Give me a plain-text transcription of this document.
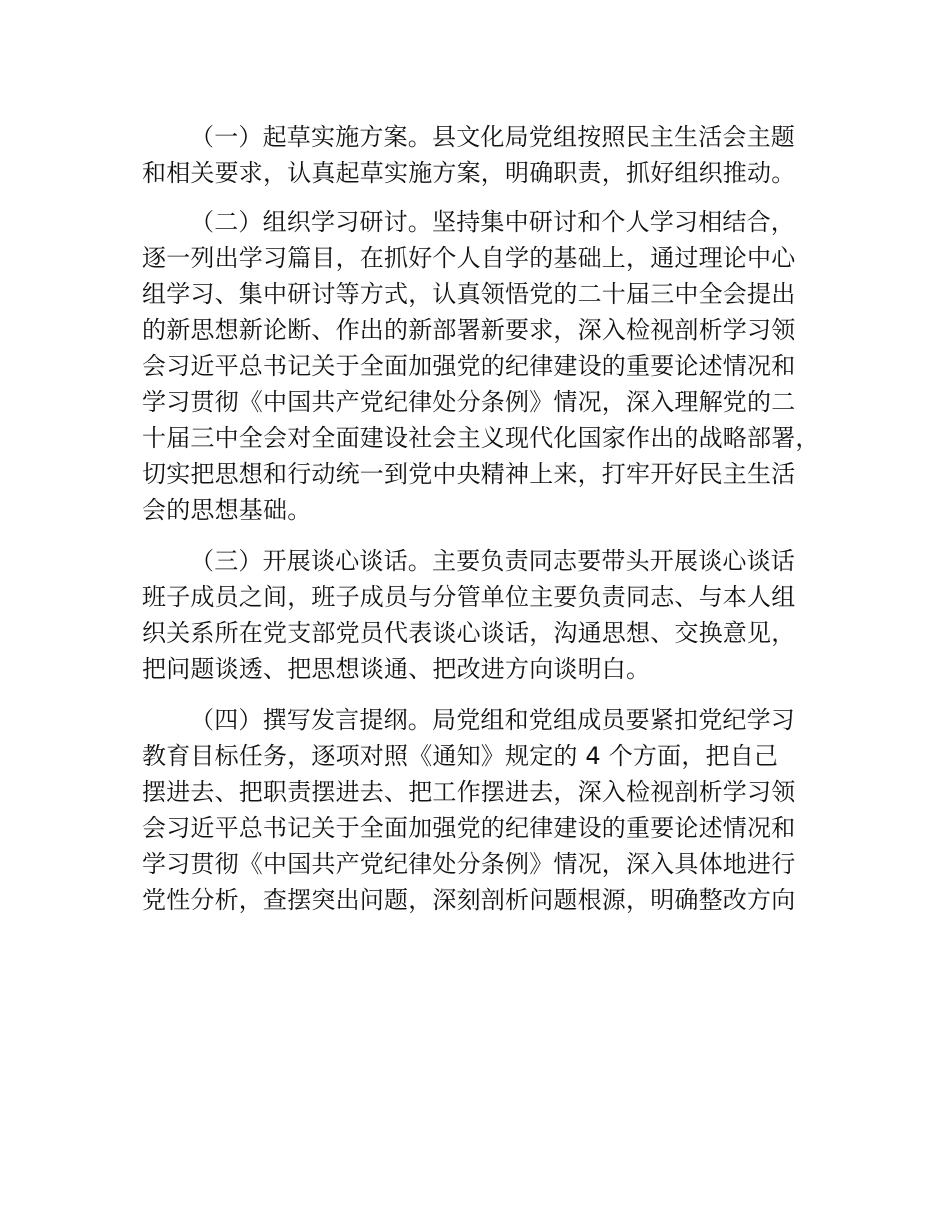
（一）起草实施方案。县文化局党组按照民主生活会主题
和相关要求，认真起草实施方案，明确职责，抓好组织推动。
（二）组织学习研讨。坚持集中研讨和个人学习相结合，
逐一列出学习篇目，在抓好个人自学的基础上，通过理论中心
组学习、集中研讨等方式，认真领悟党的二十届三中全会提出
的新思想新论断、作出的新部署新要求，深入检视剖析学习领
会习近平总书记关于全面加强党的纪律建设的重要论述情况和
学习贯彻《中国共产党纪律处分条例》情况，深入理解党的二
十届三中全会对全面建设社会主义现代化国家作出的战略部署，
切实把思想和行动统一到党中央精神上来，打牢开好民主生活
会的思想基础。
（三）开展谈心谈话。主要负责同志要带头开展谈心谈话
班子成员之间，班子成员与分管单位主要负责同志、与本人组
织关系所在党支部党员代表谈心谈话，沟通思想、交换意见，
把问题谈透、把思想谈通、把改进方向谈明白。
（四）撰写发言提纲。局党组和党组成员要紧扣党纪学习
教育目标任务，逐项对照《通知》规定的 4 个方面，把自己
摆进去、把职责摆进去、把工作摆进去，深入检视剖析学习领
会习近平总书记关于全面加强党的纪律建设的重要论述情况和
学习贯彻《中国共产党纪律处分条例》情况，深入具体地进行
党性分析，查摆突出问题，深刻剖析问题根源，明确整改方向
